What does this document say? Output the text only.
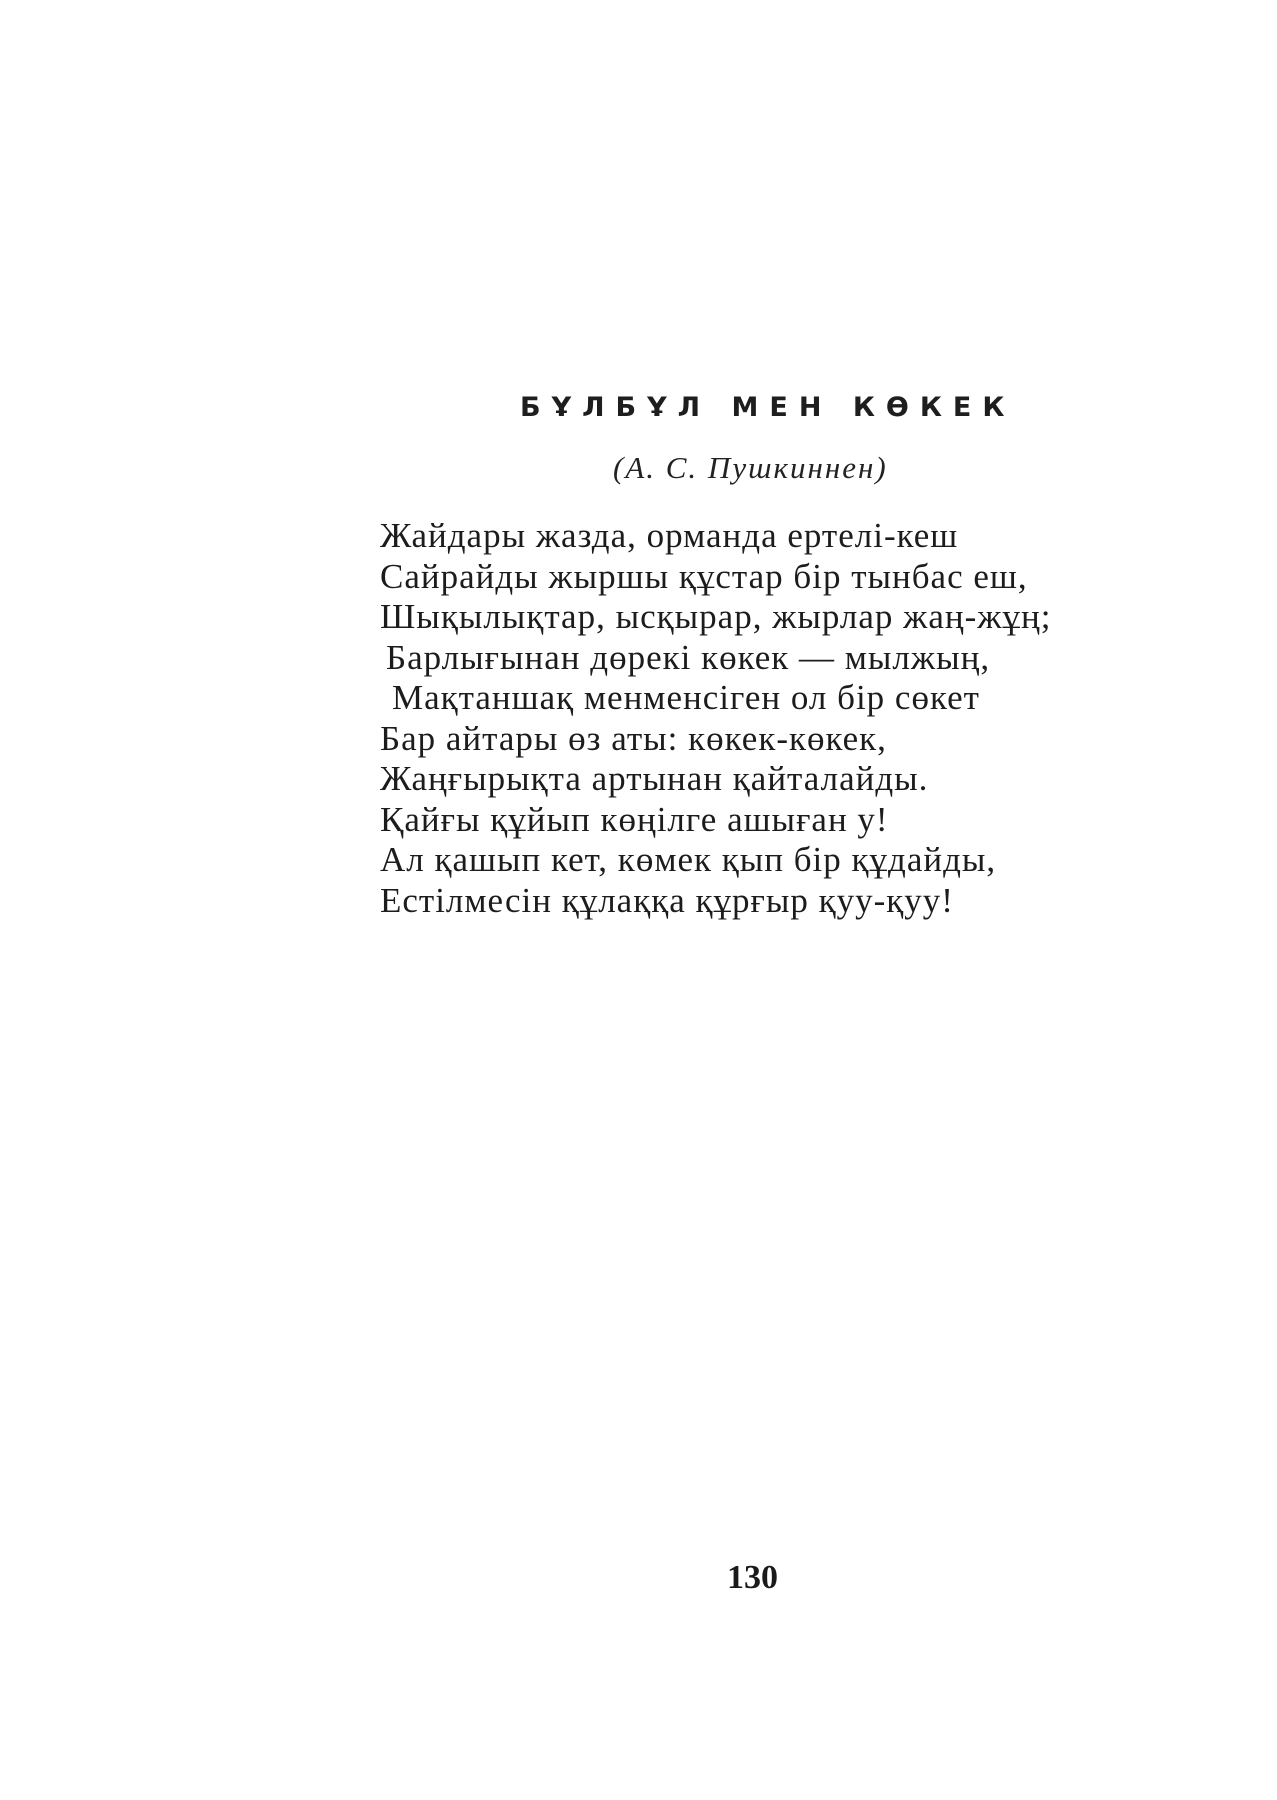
БҰЛБҰЛ МЕН КӨКЕК
(А. С. Пушкиннен)
Жайдары жазда, орманда ертелі-кеш
Сайрайды жыршы құстар бір тынбас еш,
Шықылықтар, ысқырар, жырлар жаң-жұң;
Барлығынан дөрекі көкек — мылжың,
Мақтаншақ менменсіген ол бір сөкет
Бар айтары өз аты: көкек-көкек,
Жаңғырықта артынан қайталайды.
Қайғы құйып көңілге ашыған у!
Ал қашып кет, көмек қып бір құдайды,
Естілмесін құлаққа құрғыр қуу-қуу!
130
